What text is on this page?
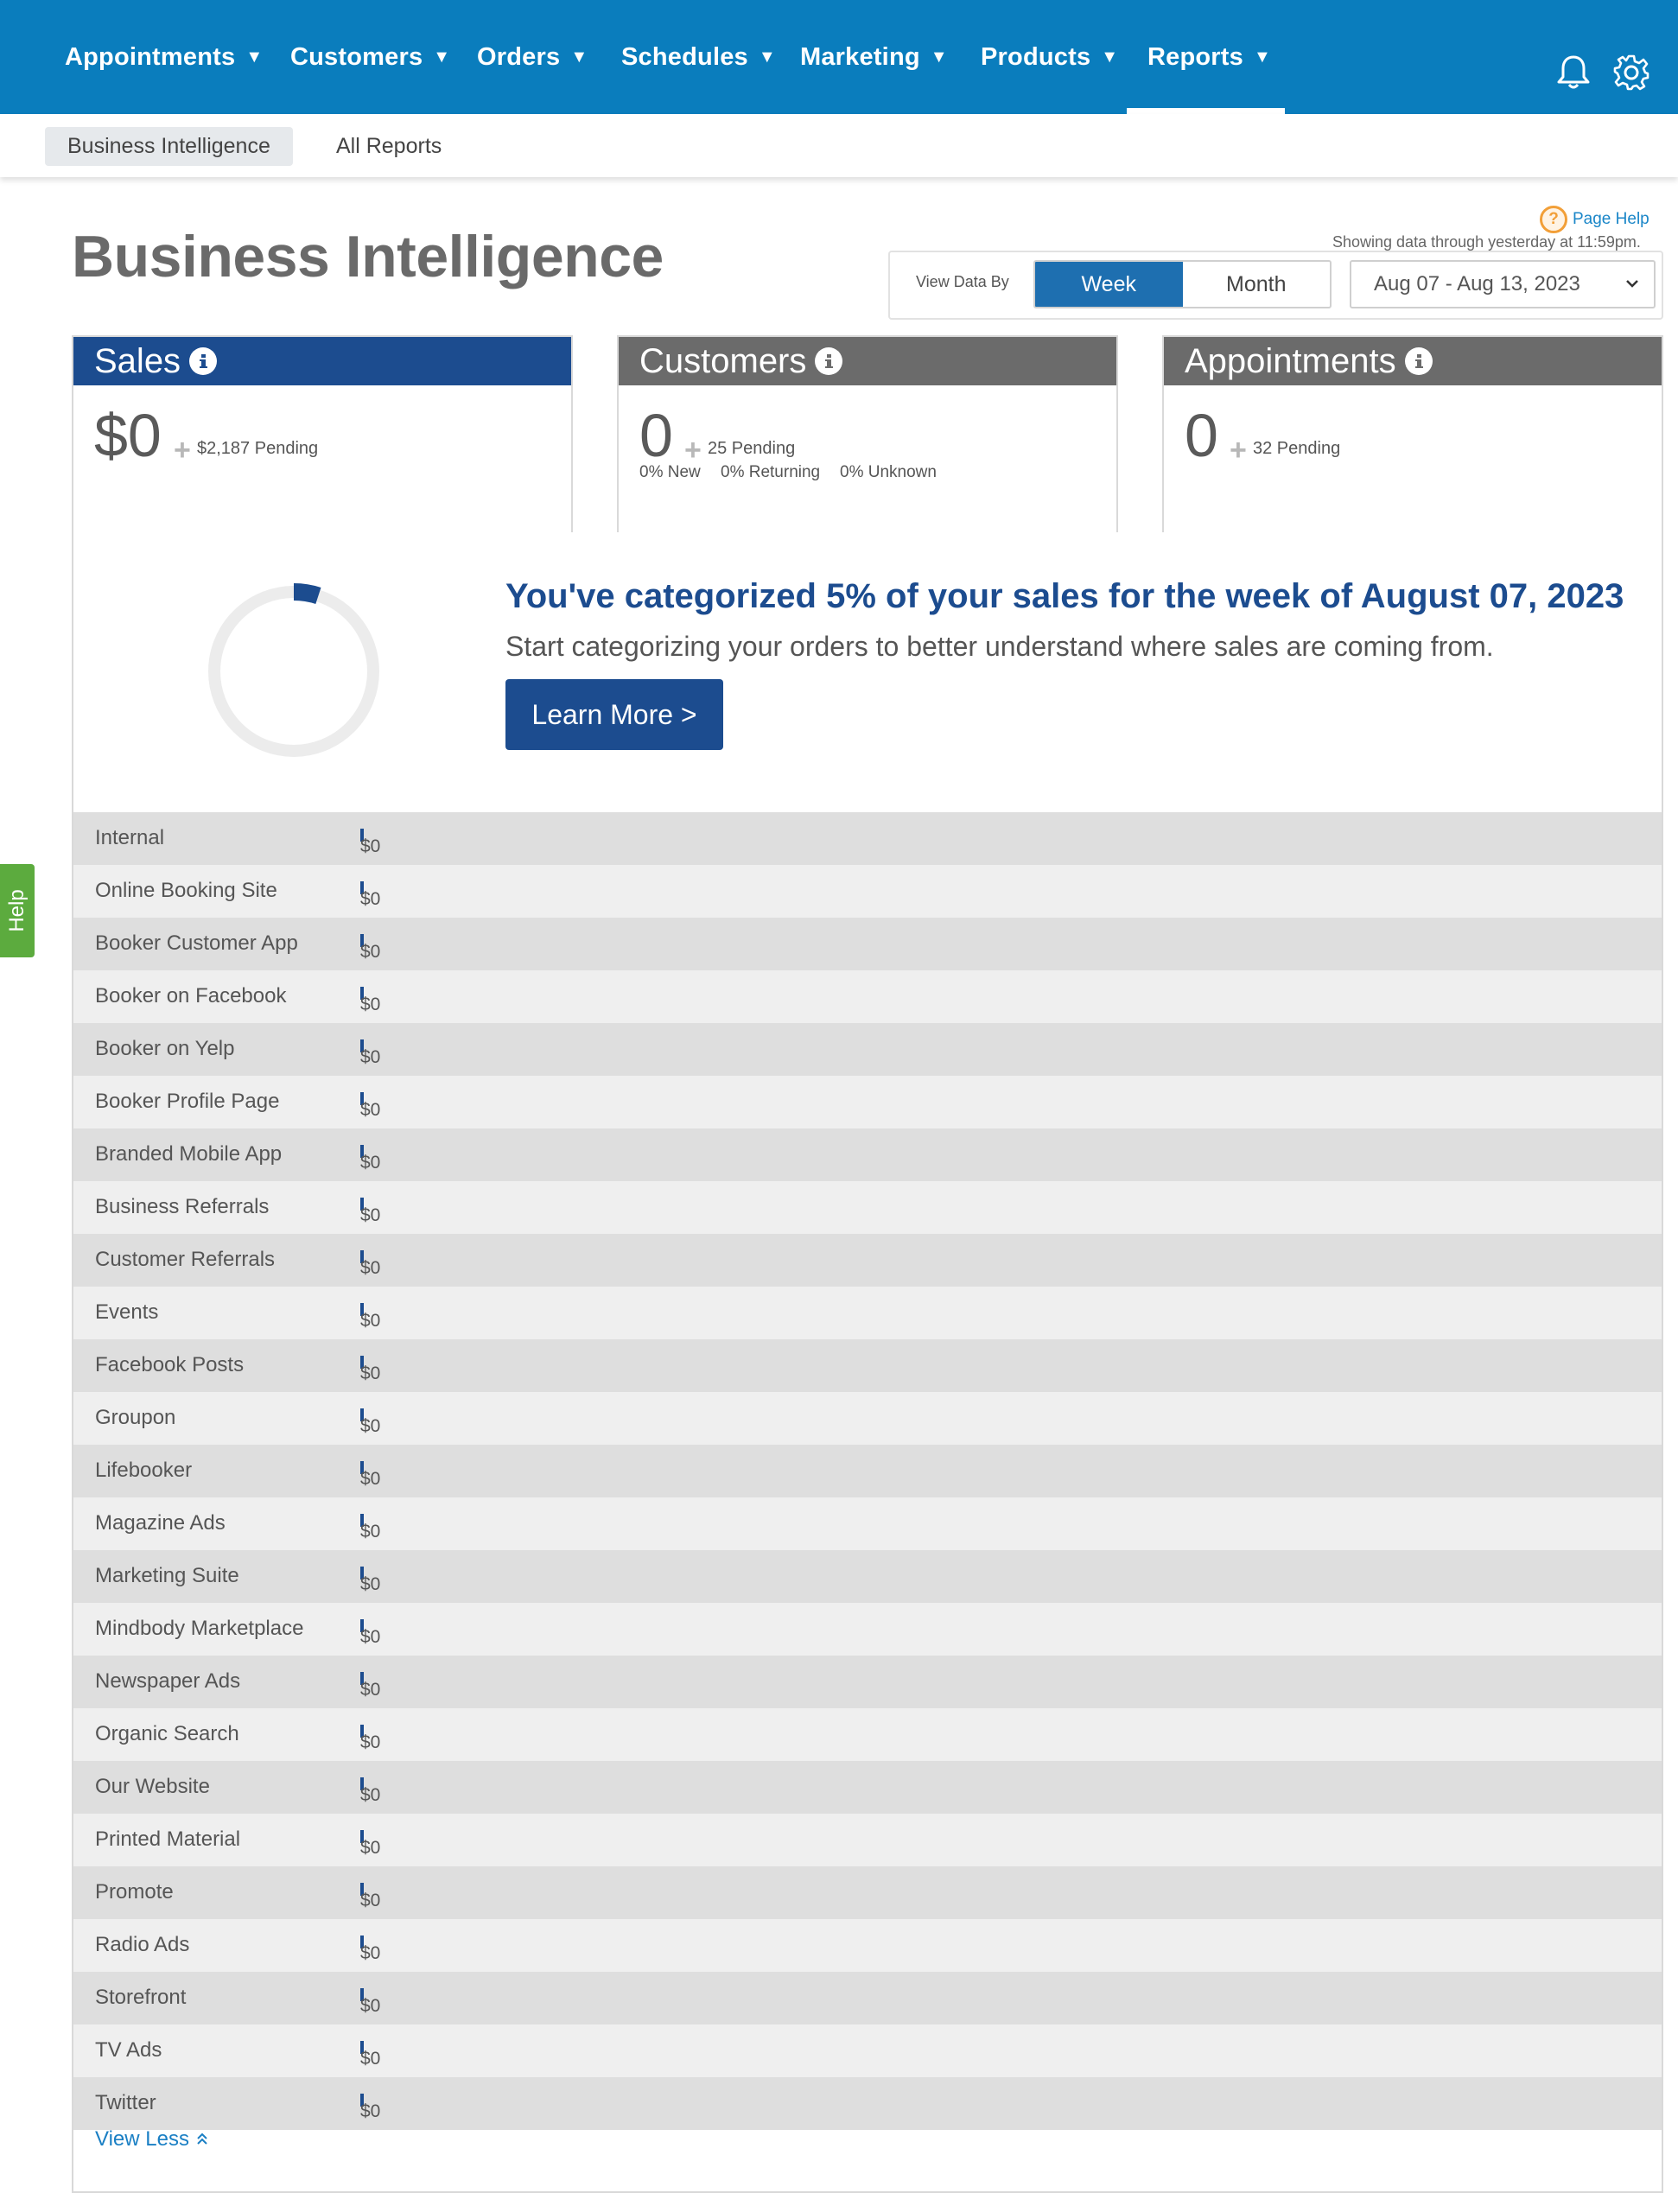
Appointments ▼ Customers ▼ Orders ▼ Schedules ▼ Marketing ▼ Products ▼ Reports ▼
Business Intelligence	All Reports
Business Intelligence
? Page Help
Showing data through yesterday at 11:59pm.
View Data By	Week	Month	Aug 07 - Aug 13, 2023
Sales
$0 + $2,187 Pending
Customers
0 + 25 Pending
0% New 0% Returning 0% Unknown
Appointments
0 + 32 Pending
You've categorized 5% of your sales for the week of August 07, 2023
Start categorizing your orders to better understand where sales are coming from.
Learn More >
Internal	$0
Online Booking Site	$0
Booker Customer App	$0
Booker on Facebook	$0
Booker on Yelp	$0
Booker Profile Page	$0
Branded Mobile App	$0
Business Referrals	$0
Customer Referrals	$0
Events	$0
Facebook Posts	$0
Groupon	$0
Lifebooker	$0
Magazine Ads	$0
Marketing Suite	$0
Mindbody Marketplace	$0
Newspaper Ads	$0
Organic Search	$0
Our Website	$0
Printed Material	$0
Promote	$0
Radio Ads	$0
Storefront	$0
TV Ads	$0
Twitter	$0
View Less
Help
